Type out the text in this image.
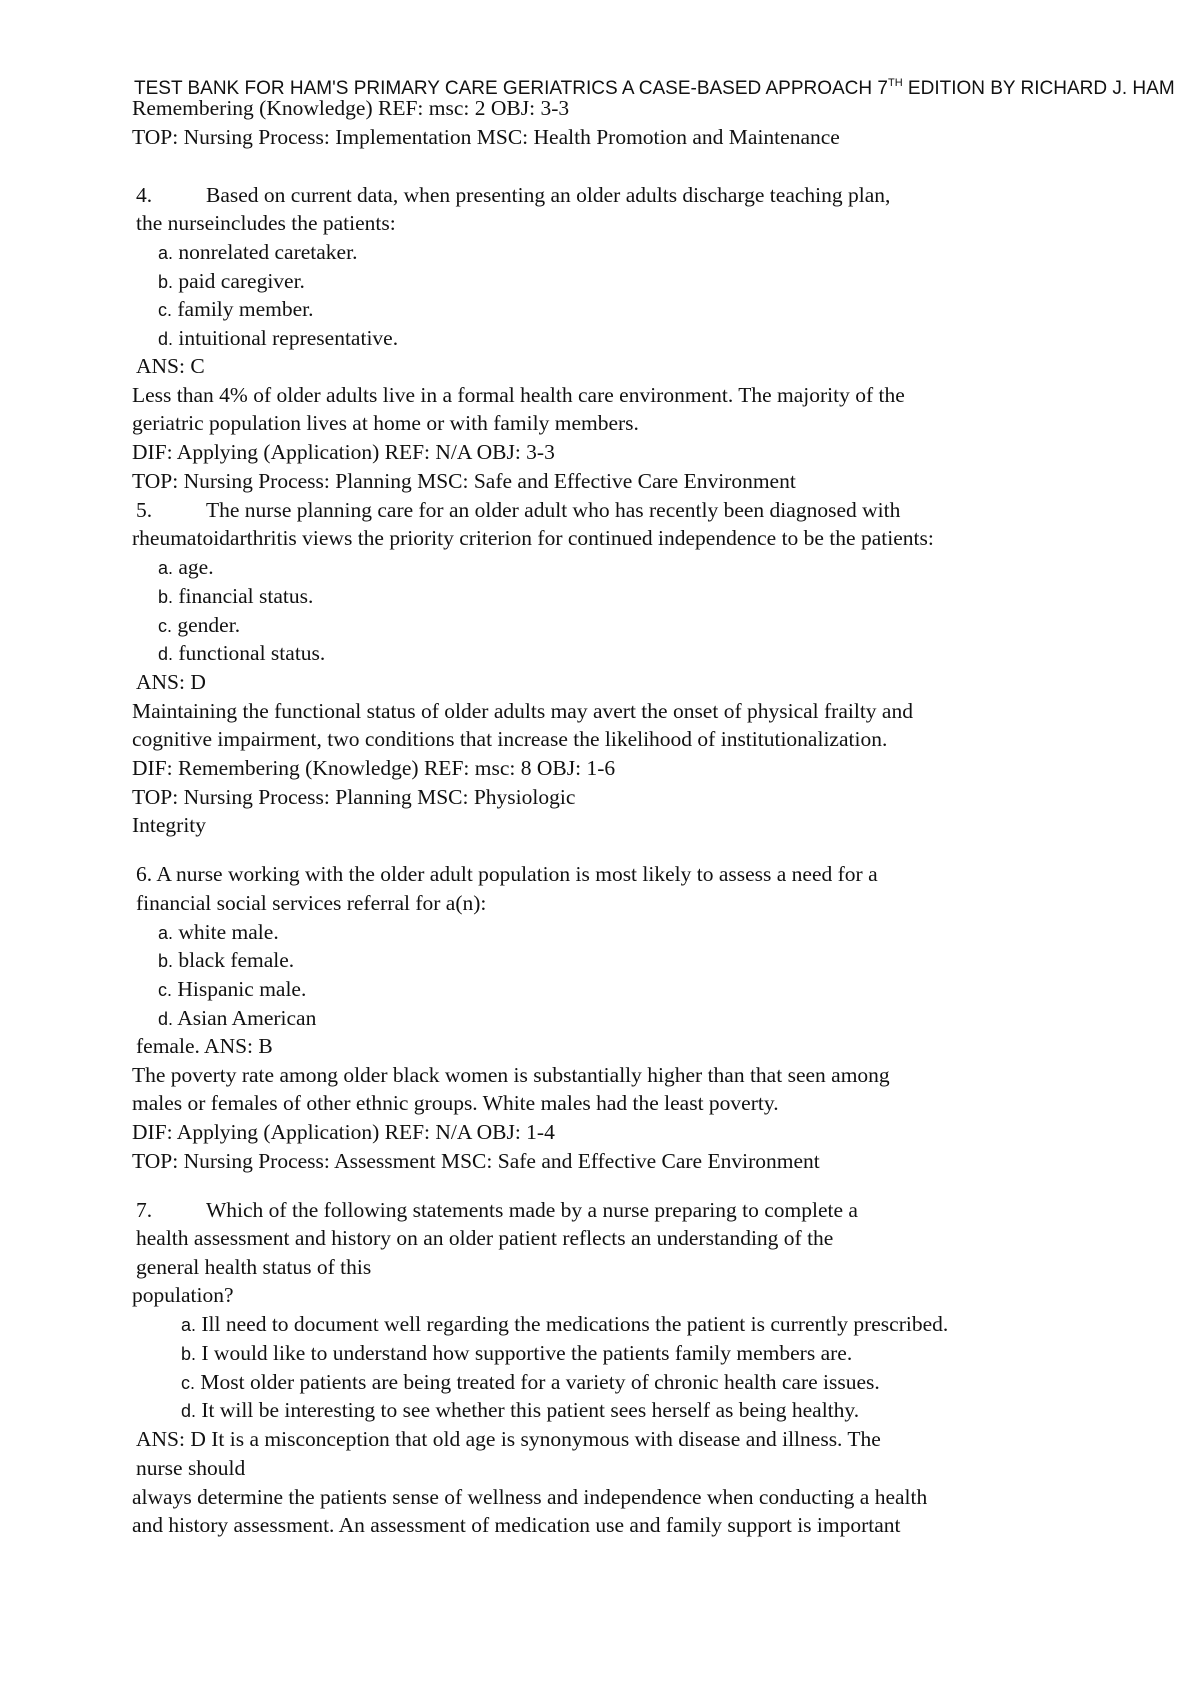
TEST BANK FOR HAM'S PRIMARY CARE GERIATRICS A CASE-BASED APPROACH 7TH EDITION BY RICHARD J. HAM
Remembering (Knowledge) REF: msc: 2 OBJ: 3-3
TOP: Nursing Process: Implementation MSC: Health Promotion and Maintenance
4.	Based on current data, when presenting an older adults discharge teaching plan,
the nurseincludes the patients:
a. nonrelated caretaker.
b. paid caregiver.
c. family member.
d. intuitional representative.
ANS: C
Less than 4% of older adults live in a formal health care environment. The majority of the
geriatric population lives at home or with family members.
DIF: Applying (Application) REF: N/A OBJ: 3-3
TOP: Nursing Process: Planning MSC: Safe and Effective Care Environment
5.	The nurse planning care for an older adult who has recently been diagnosed with
rheumatoidarthritis views the priority criterion for continued independence to be the patients:
a. age.
b. financial status.
c. gender.
d. functional status.
ANS: D
Maintaining the functional status of older adults may avert the onset of physical frailty and
cognitive impairment, two conditions that increase the likelihood of institutionalization.
DIF: Remembering (Knowledge) REF: msc: 8 OBJ: 1-6
TOP: Nursing Process: Planning MSC: Physiologic
Integrity
6. A nurse working with the older adult population is most likely to assess a need for a
financial social services referral for a(n):
a. white male.
b. black female.
c. Hispanic male.
d. Asian American
female. ANS: B
The poverty rate among older black women is substantially higher than that seen among
males or females of other ethnic groups. White males had the least poverty.
DIF: Applying (Application) REF: N/A OBJ: 1-4
TOP: Nursing Process: Assessment MSC: Safe and Effective Care Environment
7.	Which of the following statements made by a nurse preparing to complete a
health assessment and history on an older patient reflects an understanding of the
general health status of this
population?
a. Ill need to document well regarding the medications the patient is currently prescribed.
b. I would like to understand how supportive the patients family members are.
c. Most older patients are being treated for a variety of chronic health care issues.
d. It will be interesting to see whether this patient sees herself as being healthy.
ANS: D It is a misconception that old age is synonymous with disease and illness. The
nurse should
always determine the patients sense of wellness and independence when conducting a health
and history assessment. An assessment of medication use and family support is important
